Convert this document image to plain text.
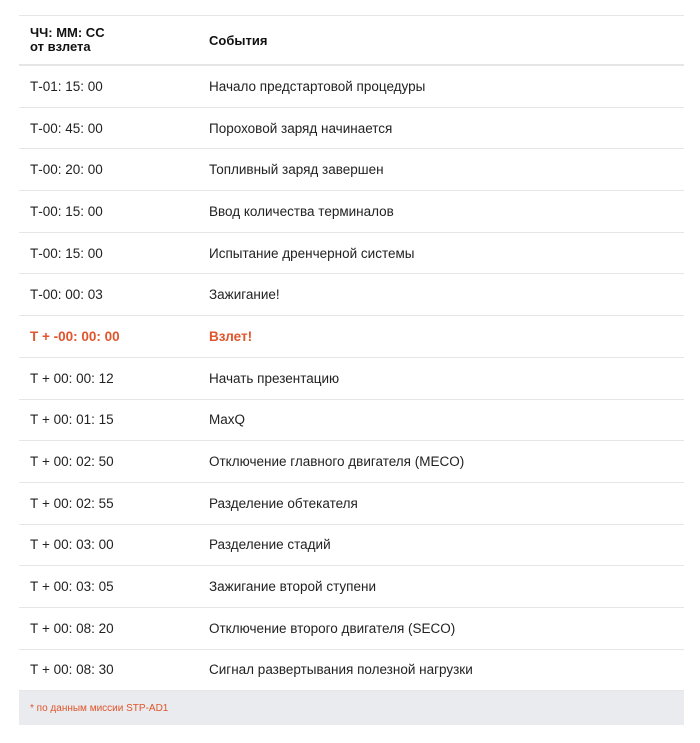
ЧЧ: ММ: СС
от взлета	События
Т-01: 15: 00	Начало предстартовой процедуры
Т-00: 45: 00	Пороховой заряд начинается
Т-00: 20: 00	Топливный заряд завершен
Т-00: 15: 00	Ввод количества терминалов
Т-00: 15: 00	Испытание дренчерной системы
Т-00: 00: 03	Зажигание!
Т + -00: 00: 00	Взлет!
Т + 00: 00: 12	Начать презентацию
Т + 00: 01: 15	MaxQ
Т + 00: 02: 50	Отключение главного двигателя (MECO)
Т + 00: 02: 55	Разделение обтекателя
Т + 00: 03: 00	Разделение стадий
Т + 00: 03: 05	Зажигание второй ступени
Т + 00: 08: 20	Отключение второго двигателя (SECO)
Т + 00: 08: 30	Сигнал развертывания полезной нагрузки
* по данным миссии STP-AD1
